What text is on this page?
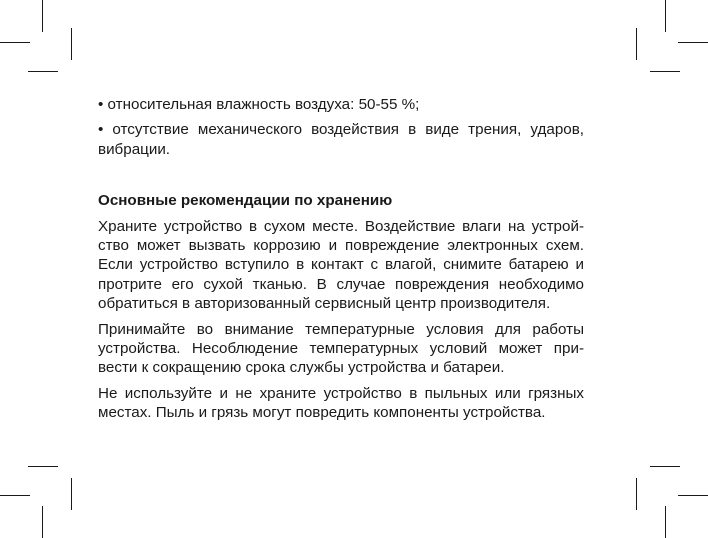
• относительная влажность воздуха: 50-55 %;

• отсутствие механического воздействия в виде трения, ударов, вибрации.

Основные рекомендации по хранению

Храните устройство в сухом месте. Воздействие влаги на устрой-ство может вызвать коррозию и повреждение электронных схем. Если устройство вступило в контакт с влагой, снимите батарею и протрите его сухой тканью. В случае повреждения необходимо обратиться в авторизованный сервисный центр производителя.

Принимайте во внимание температурные условия для работы устройства. Несоблюдение температурных условий может при-вести к сокращению срока службы устройства и батареи.

Не используйте и не храните устройство в пыльных или грязных местах. Пыль и грязь могут повредить компоненты устройства.
